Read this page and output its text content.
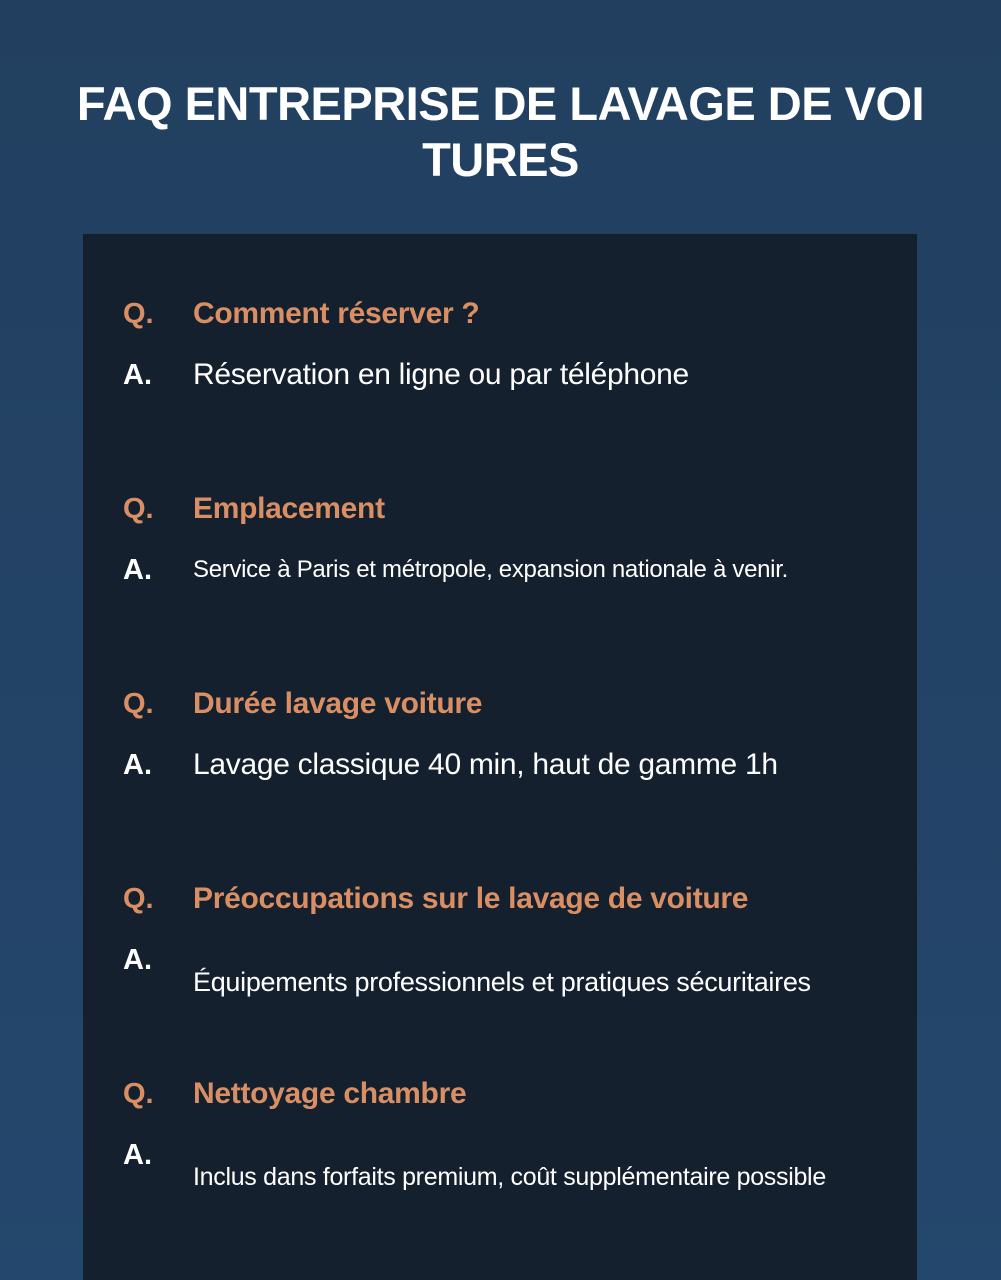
FAQ ENTREPRISE DE LAVAGE DE VOI
TURES
Q. Comment réserver ?
A. Réservation en ligne ou par téléphone
Q. Emplacement
A. Service à Paris et métropole, expansion nationale à venir.
Q. Durée lavage voiture
A. Lavage classique 40 min, haut de gamme 1h
Q. Préoccupations sur le lavage de voiture
A.
Équipements professionnels et pratiques sécuritaires
Q. Nettoyage chambre
A.
Inclus dans forfaits premium, coût supplémentaire possible
